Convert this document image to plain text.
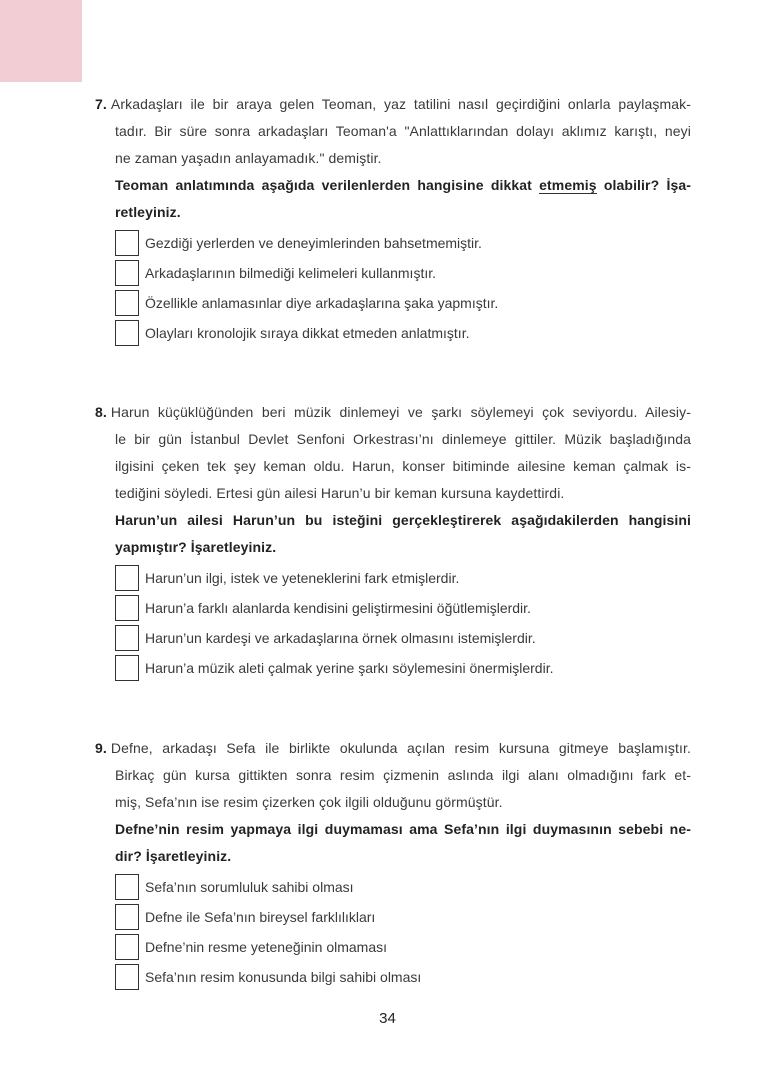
7. Arkadaşları ile bir araya gelen Teoman, yaz tatilini nasıl geçirdiğini onlarla paylaşmak-
tadır. Bir süre sonra arkadaşları Teoman'a "Anlattıklarından dolayı aklımız karıştı, neyi
ne zaman yaşadın anlayamadık." demiştir.
Teoman anlatımında aşağıda verilenlerden hangisine dikkat etmemiş olabilir? İşa-
retleyiniz.
Gezdiği yerlerden ve deneyimlerinden bahsetmemiştir.
Arkadaşlarının bilmediği kelimeleri kullanmıştır.
Özellikle anlamasınlar diye arkadaşlarına şaka yapmıştır.
Olayları kronolojik sıraya dikkat etmeden anlatmıştır.
8. Harun küçüklüğünden beri müzik dinlemeyi ve şarkı söylemeyi çok seviyordu. Ailesiy-
le bir gün İstanbul Devlet Senfoni Orkestrası’nı dinlemeye gittiler. Müzik başladığında
ilgisini çeken tek şey keman oldu. Harun, konser bitiminde ailesine keman çalmak is-
tediğini söyledi. Ertesi gün ailesi Harun’u bir keman kursuna kaydettirdi.
Harun’un ailesi Harun’un bu isteğini gerçekleştirerek aşağıdakilerden hangisini
yapmıştır? İşaretleyiniz.
Harun’un ilgi, istek ve yeteneklerini fark etmişlerdir.
Harun’a farklı alanlarda kendisini geliştirmesini öğütlemişlerdir.
Harun’un kardeşi ve arkadaşlarına örnek olmasını istemişlerdir.
Harun’a müzik aleti çalmak yerine şarkı söylemesini önermişlerdir.
9. Defne, arkadaşı Sefa ile birlikte okulunda açılan resim kursuna gitmeye başlamıştır.
Birkaç gün kursa gittikten sonra resim çizmenin aslında ilgi alanı olmadığını fark et-
miş, Sefa’nın ise resim çizerken çok ilgili olduğunu görmüştür.
Defne’nin resim yapmaya ilgi duymaması ama Sefa’nın ilgi duymasının sebebi ne-
dir? İşaretleyiniz.
Sefa’nın sorumluluk sahibi olması
Defne ile Sefa’nın bireysel farklılıkları
Defne’nin resme yeteneğinin olmaması
Sefa’nın resim konusunda bilgi sahibi olması
34
